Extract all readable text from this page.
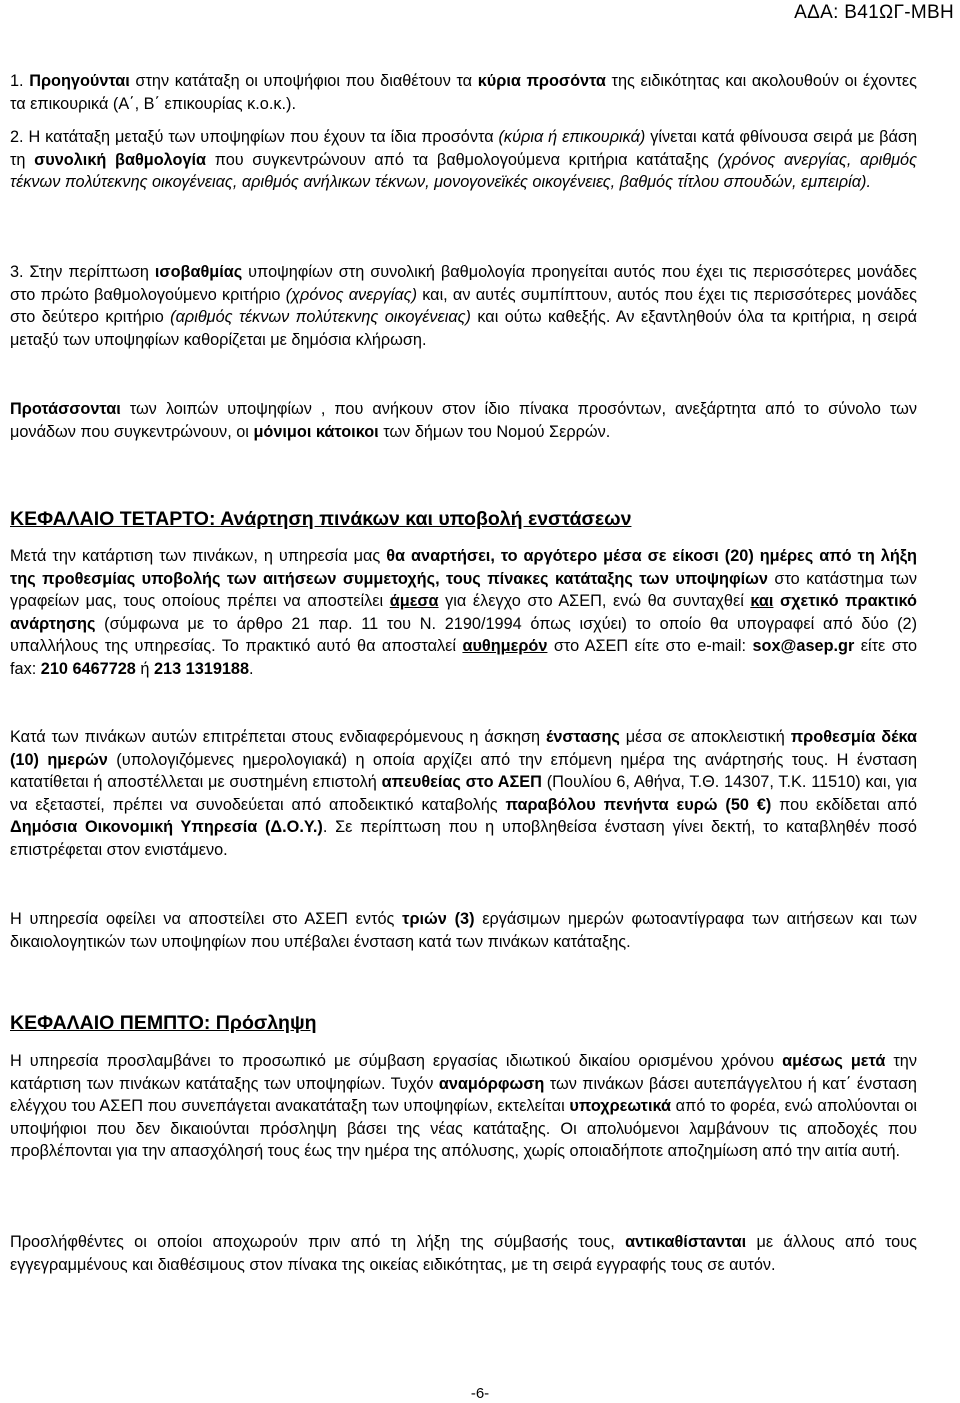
ΑΔΑ: Β41ΩΓ-ΜΒΗ
1. Προηγούνται στην κατάταξη οι υποψήφιοι που διαθέτουν τα κύρια προσόντα της ειδικότητας και ακολουθούν οι έχοντες τα επικουρικά (Α΄, Β΄ επικουρίας κ.ο.κ.).
2. Η κατάταξη μεταξύ των υποψηφίων που έχουν τα ίδια προσόντα (κύρια ή επικουρικά) γίνεται κατά φθίνουσα σειρά με βάση τη συνολική βαθμολογία που συγκεντρώνουν από τα βαθμολογούμενα κριτήρια κατάταξης (χρόνος ανεργίας, αριθμός τέκνων πολύτεκνης οικογένειας, αριθμός ανήλικων τέκνων, μονογονεϊκές οικογένειες, βαθμός τίτλου σπουδών, εμπειρία).
3. Στην περίπτωση ισοβαθμίας υποψηφίων στη συνολική βαθμολογία προηγείται αυτός που έχει τις περισσότερες μονάδες στο πρώτο βαθμολογούμενο κριτήριο (χρόνος ανεργίας) και, αν αυτές συμπίπτουν, αυτός που έχει τις περισσότερες μονάδες στο δεύτερο κριτήριο (αριθμός τέκνων πολύτεκνης οικογένειας) και ούτω καθεξής. Αν εξαντληθούν όλα τα κριτήρια, η σειρά μεταξύ των υποψηφίων καθορίζεται με δημόσια κλήρωση.
Προτάσσονται των λοιπών υποψηφίων , που ανήκουν στον ίδιο πίνακα προσόντων, ανεξάρτητα από το σύνολο των μονάδων που συγκεντρώνουν, οι μόνιμοι κάτοικοι των δήμων του Νομού Σερρών.
ΚΕΦΑΛΑΙΟ ΤΕΤΑΡΤΟ: Ανάρτηση πινάκων και υποβολή ενστάσεων
Μετά την κατάρτιση των πινάκων, η υπηρεσία μας θα αναρτήσει, το αργότερο μέσα σε είκοσι (20) ημέρες από τη λήξη της προθεσμίας υποβολής των αιτήσεων συμμετοχής, τους πίνακες κατάταξης των υποψηφίων στο κατάστημα των γραφείων μας, τους οποίους πρέπει να αποστείλει άμεσα για έλεγχο στο ΑΣΕΠ, ενώ θα συνταχθεί και σχετικό πρακτικό ανάρτησης (σύμφωνα με το άρθρο 21 παρ. 11 του Ν. 2190/1994 όπως ισχύει) το οποίο θα υπογραφεί από δύο (2) υπαλλήλους της υπηρεσίας. Το πρακτικό αυτό θα αποσταλεί αυθημερόν στο ΑΣΕΠ είτε στο e-mail: sox@asep.gr είτε στο fax: 210 6467728 ή 213 1319188.
Κατά των πινάκων αυτών επιτρέπεται στους ενδιαφερόμενους η άσκηση ένστασης μέσα σε αποκλειστική προθεσμία δέκα (10) ημερών (υπολογιζόμενες ημερολογιακά) η οποία αρχίζει από την επόμενη ημέρα της ανάρτησής τους. Η ένσταση κατατίθεται ή αποστέλλεται με συστημένη επιστολή απευθείας στο ΑΣΕΠ (Πουλίου 6, Αθήνα, Τ.Θ. 14307, Τ.Κ. 11510) και, για να εξεταστεί, πρέπει να συνοδεύεται από αποδεικτικό καταβολής παραβόλου πενήντα ευρώ (50 €) που εκδίδεται από Δημόσια Οικονομική Υπηρεσία (Δ.Ο.Υ.). Σε περίπτωση που η υποβληθείσα ένσταση γίνει δεκτή, το καταβληθέν ποσό επιστρέφεται στον ενιστάμενο.
Η υπηρεσία οφείλει να αποστείλει στο ΑΣΕΠ εντός τριών (3) εργάσιμων ημερών φωτοαντίγραφα των αιτήσεων και των δικαιολογητικών των υποψηφίων που υπέβαλει ένσταση κατά των πινάκων κατάταξης.
ΚΕΦΑΛΑΙΟ ΠΕΜΠΤΟ: Πρόσληψη
Η υπηρεσία προσλαμβάνει το προσωπικό με σύμβαση εργασίας ιδιωτικού δικαίου ορισμένου χρόνου αμέσως μετά την κατάρτιση των πινάκων κατάταξης των υποψηφίων. Τυχόν αναμόρφωση των πινάκων βάσει αυτεπάγγελτου ή κατ΄ ένσταση ελέγχου του ΑΣΕΠ που συνεπάγεται ανακατάταξη των υποψηφίων, εκτελείται υποχρεωτικά από το φορέα, ενώ απολύονται οι υποψήφιοι που δεν δικαιούνται πρόσληψη βάσει της νέας κατάταξης. Οι απολυόμενοι λαμβάνουν τις αποδοχές που προβλέπονται για την απασχόλησή τους έως την ημέρα της απόλυσης, χωρίς οποιαδήποτε αποζημίωση από την αιτία αυτή.
Προσλήφθέντες οι οποίοι αποχωρούν πριν από τη λήξη της σύμβασής τους, αντικαθίστανται με άλλους από τους εγγεγραμμένους και διαθέσιμους στον πίνακα της οικείας ειδικότητας, με τη σειρά εγγραφής τους σε αυτόν.
-6-
